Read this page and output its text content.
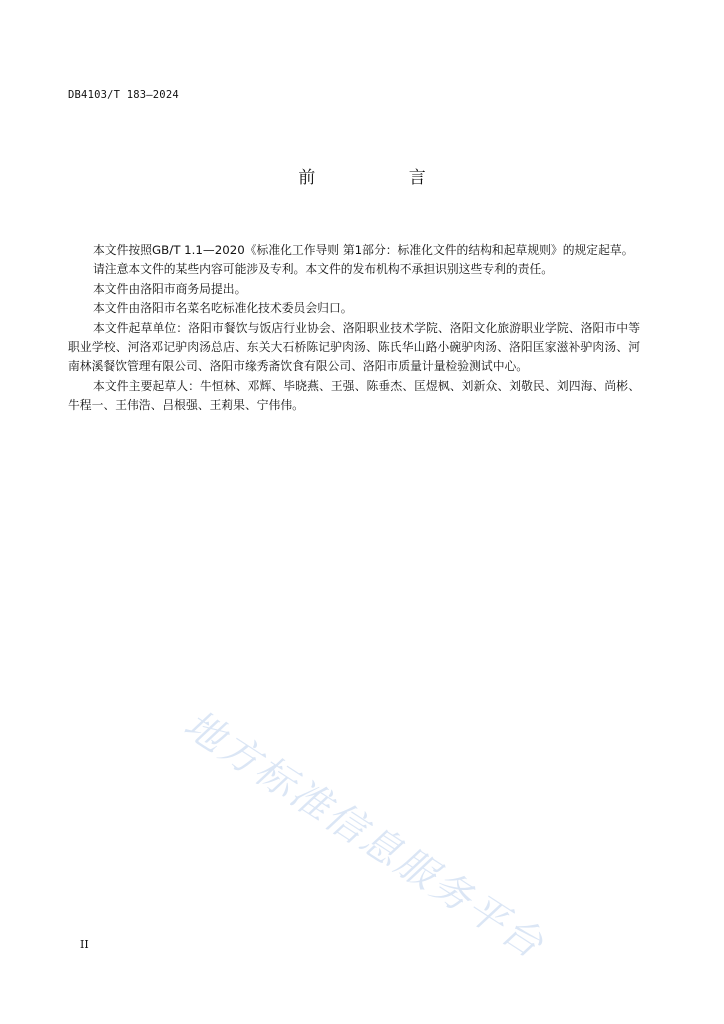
DB4103/T 183—2024
前 言

本文件按照GB/T 1.1—2020《标准化工作导则 第1部分：标准化文件的结构和起草规则》的规定起草。

请注意本文件的某些内容可能涉及专利。本文件的发布机构不承担识别这些专利的责任。

本文件由洛阳市商务局提出。

本文件由洛阳市名菜名吃标准化技术委员会归口。

本文件起草单位：洛阳市餐饮与饭店行业协会、洛阳职业技术学院、洛阳文化旅游职业学院、洛阳市中等职业学校、河洛邓记驴肉汤总店、东关大石桥陈记驴肉汤、陈氏华山路小碗驴肉汤、洛阳匡家滋补驴肉汤、河南林溪餐饮管理有限公司、洛阳市缘秀斋饮食有限公司、洛阳市质量计量检验测试中心。

本文件主要起草人：牛恒林、邓辉、毕晓燕、王强、陈垂杰、匡煜枫、刘新众、刘敬民、刘四海、尚彬、牛程一、王伟浩、吕根强、王莉果、宁伟伟。

地方标准信息服务平台
II
